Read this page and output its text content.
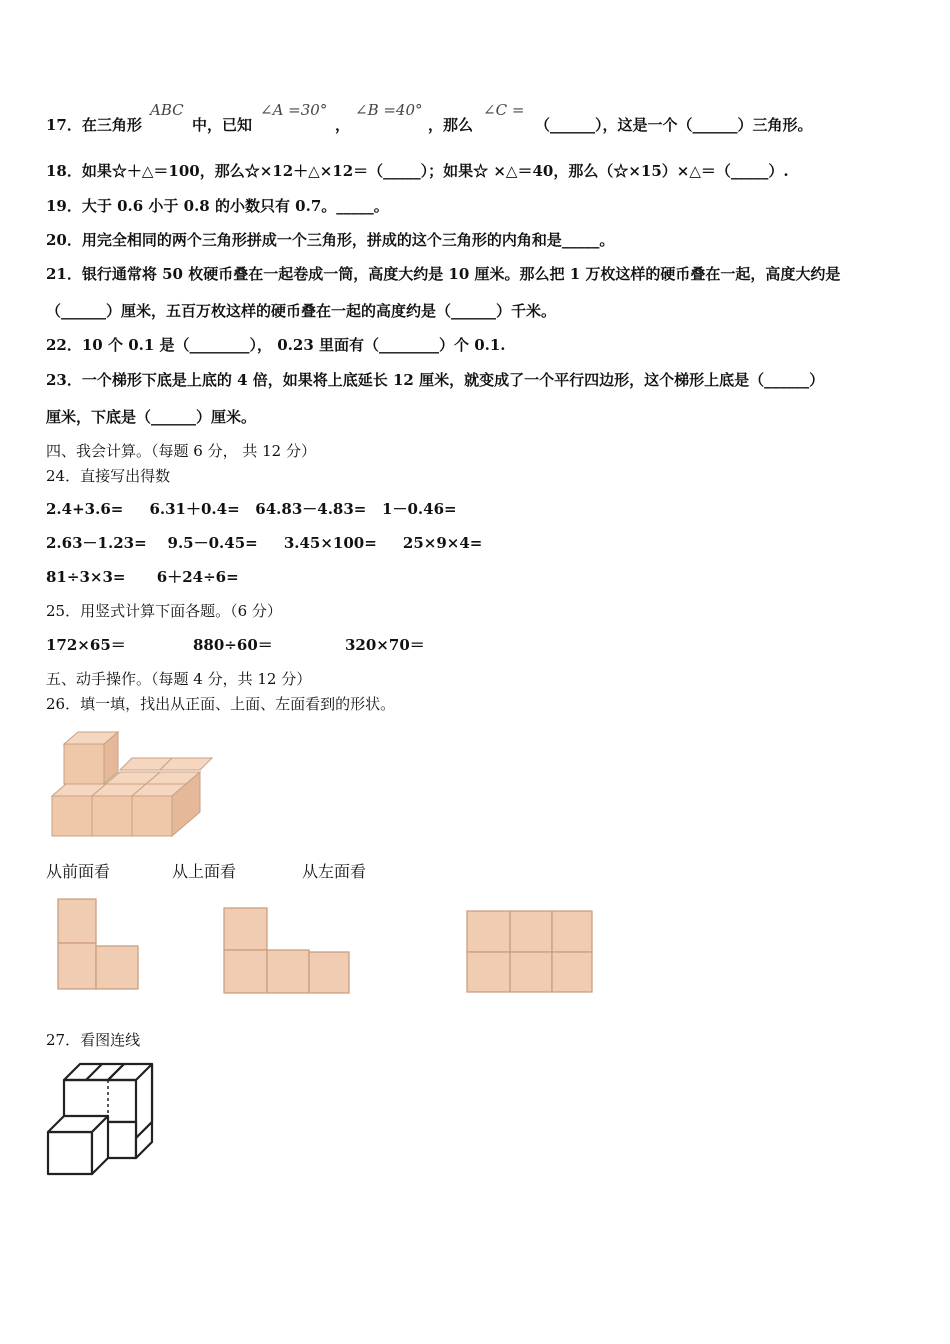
17．在三角形
ABC
中，已知
∠A =30°
，
∠B =40°
，那么
∠C =
（______），这是一个（______）三角形。
18．如果☆＋△＝100，那么☆×12＋△×12＝（_____）；如果☆ ×△＝40，那么（☆×15）×△＝（_____）.
19．大于 0.6 小于 0.8 的小数只有 0.7。_____。
20．用完全相同的两个三角形拼成一个三角形，拼成的这个三角形的内角和是_____。
21．银行通常将 50 枚硬币叠在一起卷成一筒，高度大约是 10 厘米。那么把 1 万枚这样的硬币叠在一起，高度大约是
（______）厘米，五百万枚这样的硬币叠在一起的高度约是（______）千米。
22．10 个 0.1 是（________）， 0.23 里面有（________）个 0.1.
23．一个梯形下底是上底的 4 倍，如果将上底延长 12 厘米，就变成了一个平行四边形，这个梯形上底是（______）
厘米，下底是（______）厘米。
四、我会计算。（每题 6 分， 共 12 分）
24．直接写出得数
2.4+3.6=     6.31＋0.4=   64.83－4.83=   1－0.46=
2.63－1.23=    9.5－0.45=     3.45×100=     25×9×4=
81÷3×3=      6＋24÷6=
25．用竖式计算下面各题。（6 分）
172×65＝	880÷60＝	320×70＝
五、动手操作。（每题 4 分，共 12 分）
26．填一填，找出从正面、上面、左面看到的形状。
从前面看	从上面看	从左面看
27．看图连线
